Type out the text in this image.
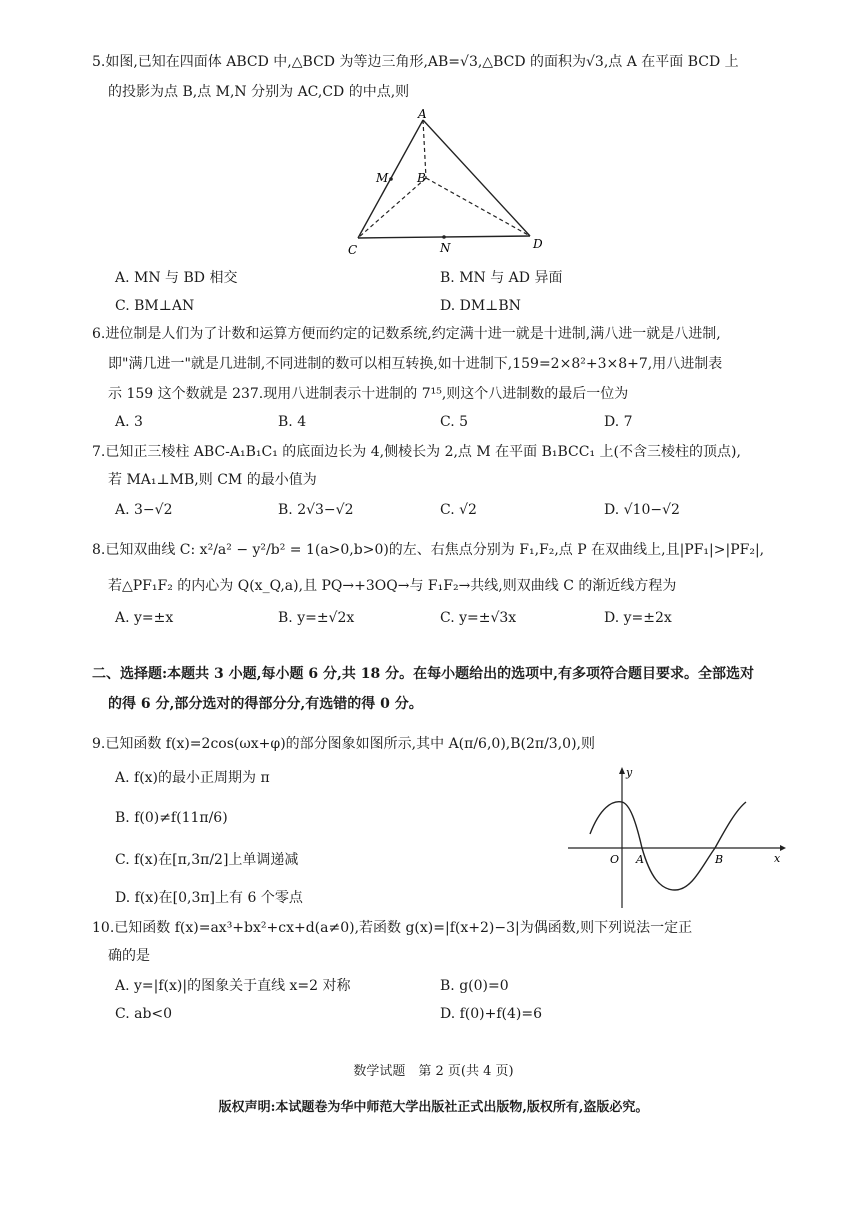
5.如图,已知在四面体 ABCD 中,△BCD 为等边三角形,AB=√3,△BCD 的面积为√3,点 A 在平面 BCD 上
的投影为点 B,点 M,N 分别为 AC,CD 的中点,则
A
B
C	D
M
N
A. MN 与 BD 相交	B. MN 与 AD 异面
C. BM⊥AN	D. DM⊥BN
6.进位制是人们为了计数和运算方便而约定的记数系统,约定满十进一就是十进制,满八进一就是八进制,
即"满几进一"就是几进制,不同进制的数可以相互转换,如十进制下,159=2×8²+3×8+7,用八进制表
示 159 这个数就是 237.现用八进制表示十进制的 7¹⁵,则这个八进制数的最后一位为
A. 3	B. 4	C. 5	D. 7
7.已知正三棱柱 ABC-A₁B₁C₁ 的底面边长为 4,侧棱长为 2,点 M 在平面 B₁BCC₁ 上(不含三棱柱的顶点),
若 MA₁⊥MB,则 CM 的最小值为
A. 3−√2	B. 2√3−√2	C. √2	D. √10−√2
8.已知双曲线 C: x²/a² − y²/b² = 1(a>0,b>0)的左、右焦点分别为 F₁,F₂,点 P 在双曲线上,且|PF₁|>|PF₂|,
若△PF₁F₂ 的内心为 Q(x_Q,a),且 PQ→+3OQ→与 F₁F₂→共线,则双曲线 C 的渐近线方程为
A. y=±x	B. y=±√2x	C. y=±√3x	D. y=±2x
二、选择题:本题共 3 小题,每小题 6 分,共 18 分。在每小题给出的选项中,有多项符合题目要求。全部选对
的得 6 分,部分选对的得部分分,有选错的得 0 分。
9.已知函数 f(x)=2cos(ωx+φ)的部分图象如图所示,其中 A(π/6,0),B(2π/3,0),则
A. f(x)的最小正周期为 π
B. f(0)≠f(11π/6)
C. f(x)在[π,3π/2]上单调递减
D. f(x)在[0,3π]上有 6 个零点
y
x
O A	B
10.已知函数 f(x)=ax³+bx²+cx+d(a≠0),若函数 g(x)=|f(x+2)−3|为偶函数,则下列说法一定正
确的是
A. y=|f(x)|的图象关于直线 x=2 对称	B. g(0)=0
C. ab<0	D. f(0)+f(4)=6
数学试题　第 2 页(共 4 页)
版权声明:本试题卷为华中师范大学出版社正式出版物,版权所有,盗版必究。
